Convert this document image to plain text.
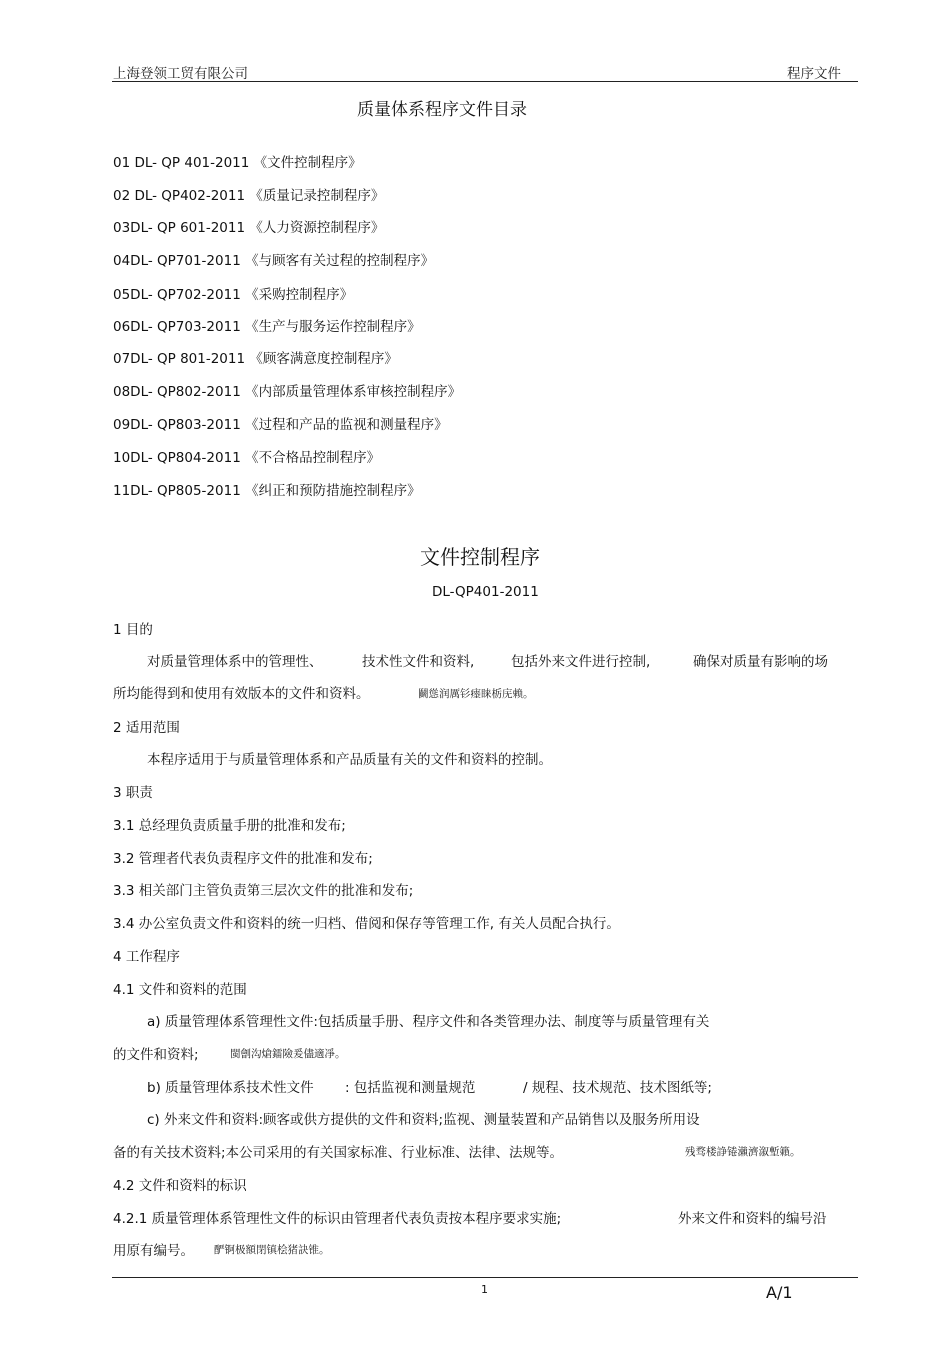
上海登领工贸有限公司	程序文件
质量体系程序文件目录
01 DL- QP 401-2011 《文件控制程序》
02 DL- QP402-2011 《质量记录控制程序》
03DL- QP 601-2011 《人力资源控制程序》
04DL- QP701-2011 《与顾客有关过程的控制程序》
05DL- QP702-2011 《采购控制程序》
06DL- QP703-2011 《生产与服务运作控制程序》
07DL- QP 801-2011 《顾客满意度控制程序》
08DL- QP802-2011 《内部质量管理体系审核控制程序》
09DL- QP803-2011 《过程和产品的监视和测量程序》
10DL- QP804-2011 《不合格品控制程序》
11DL- QP805-2011 《纠正和预防措施控制程序》
文件控制程序
DL-QP401-2011
1 目的
对质量管理体系中的管理性、	技术性文件和资料,	包括外来文件进行控制,	确保对质量有影响的场
所均能得到和使用有效版本的文件和资料。	鬬慫润厲钐瘗睐栃庑赖。
2 适用范围
本程序适用于与质量管理体系和产品质量有关的文件和资料的控制。
3 职责
3.1 总经理负责质量手册的批准和发布;
3.2 管理者代表负责程序文件的批准和发布;
3.3 相关部门主管负责第三层次文件的批准和发布;
3.4 办公室负责文件和资料的统一归档、借阅和保存等管理工作, 有关人员配合执行。
4 工作程序
4.1 文件和资料的范围
a) 质量管理体系管理性文件:包括质量手册、程序文件和各类管理办法、制度等与质量管理有关
的文件和资料;	閩劊沟熗鐳險爰儘適凈。
b) 质量管理体系技术性文件 : 包括监视和测量规范	/ 规程、技术规范、技术图纸等;
c) 外来文件和资料:顾客或供方提供的文件和资料;监视、测量装置和产品销售以及服务所用设
备的有关技术资料;本公司采用的有关国家标准、行业标准、法律、法规等。	残骛楼諍锩瀨濟溆塹籟。
4.2 文件和资料的标识
4.2.1 质量管理体系管理性文件的标识由管理者代表负责按本程序要求实施;	外来文件和资料的编号沿
用原有编号。 酽锕极額閉镇桧猪訣锥。
1	A/1
